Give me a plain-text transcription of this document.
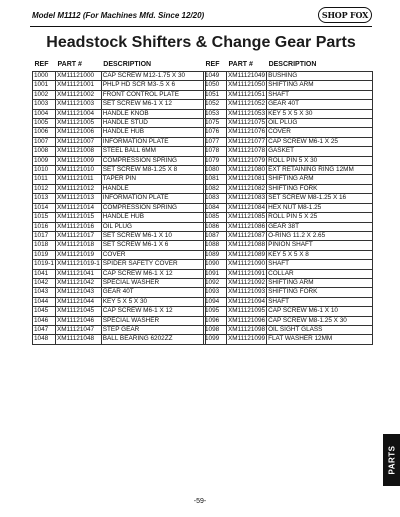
Model M1112 (For Machines Mfd. Since 12/20)	SHOP FOX
Headstock Shifters & Change Gear Parts
REF	PART #	DESCRIPTION
1000	XM11121000	CAP SCREW M12-1.75 X 30
1001	XM11121001	PHLP HD SCR M3-.5 X 6
1002	XM11121002	FRONT CONTROL PLATE
1003	XM11121003	SET SCREW M6-1 X 12
1004	XM11121004	HANDLE KNOB
1005	XM11121005	HANDLE STUD
1006	XM11121006	HANDLE HUB
1007	XM11121007	INFORMATION PLATE
1008	XM11121008	STEEL BALL 6MM
1009	XM11121009	COMPRESSION SPRING
1010	XM11121010	SET SCREW M8-1.25 X 8
1011	XM11121011	TAPER PIN
1012	XM11121012	HANDLE
1013	XM11121013	INFORMATION PLATE
1014	XM11121014	COMPRESSION SPRING
1015	XM11121015	HANDLE HUB
1016	XM11121016	OIL PLUG
1017	XM11121017	SET SCREW M6-1 X 10
1018	XM11121018	SET SCREW M6-1 X 6
1019	XM11121019	COVER
1019-1	XM11121019-1	SPIDER SAFETY COVER
1041	XM11121041	CAP SCREW M6-1 X 12
1042	XM11121042	SPECIAL WASHER
1043	XM11121043	GEAR 40T
1044	XM11121044	KEY 5 X 5 X 30
1045	XM11121045	CAP SCREW M6-1 X 12
1046	XM11121046	SPECIAL WASHER
1047	XM11121047	STEP GEAR
1048	XM11121048	BALL BEARING 6202ZZ
REF	PART #	DESCRIPTION
1049	XM11121049	BUSHING
1050	XM11121050	SHIFTING ARM
1051	XM11121051	SHAFT
1052	XM11121052	GEAR 40T
1053	XM11121053	KEY 5 X 5 X 30
1075	XM11121075	OIL PLUG
1076	XM11121076	COVER
1077	XM11121077	CAP SCREW M6-1 X 25
1078	XM11121078	GASKET
1079	XM11121079	ROLL PIN 5 X 30
1080	XM11121080	EXT RETAINING RING 12MM
1081	XM11121081	SHIFTING ARM
1082	XM11121082	SHIFTING FORK
1083	XM11121083	SET SCREW M8-1.25 X 16
1084	XM11121084	HEX NUT M8-1.25
1085	XM11121085	ROLL PIN 5 X 25
1086	XM11121086	GEAR 38T
1087	XM11121087	O-RING 11.2 X 2.65
1088	XM11121088	PINION SHAFT
1089	XM11121089	KEY 5 X 5 X 8
1090	XM11121090	SHAFT
1091	XM11121091	COLLAR
1092	XM11121092	SHIFTING ARM
1093	XM11121093	SHIFTING FORK
1094	XM11121094	SHAFT
1095	XM11121095	CAP SCREW M6-1 X 10
1096	XM11121096	CAP SCREW M8-1.25 X 30
1098	XM11121098	OIL SIGHT GLASS
1099	XM11121099	FLAT WASHER 12MM
PARTS
-59-
